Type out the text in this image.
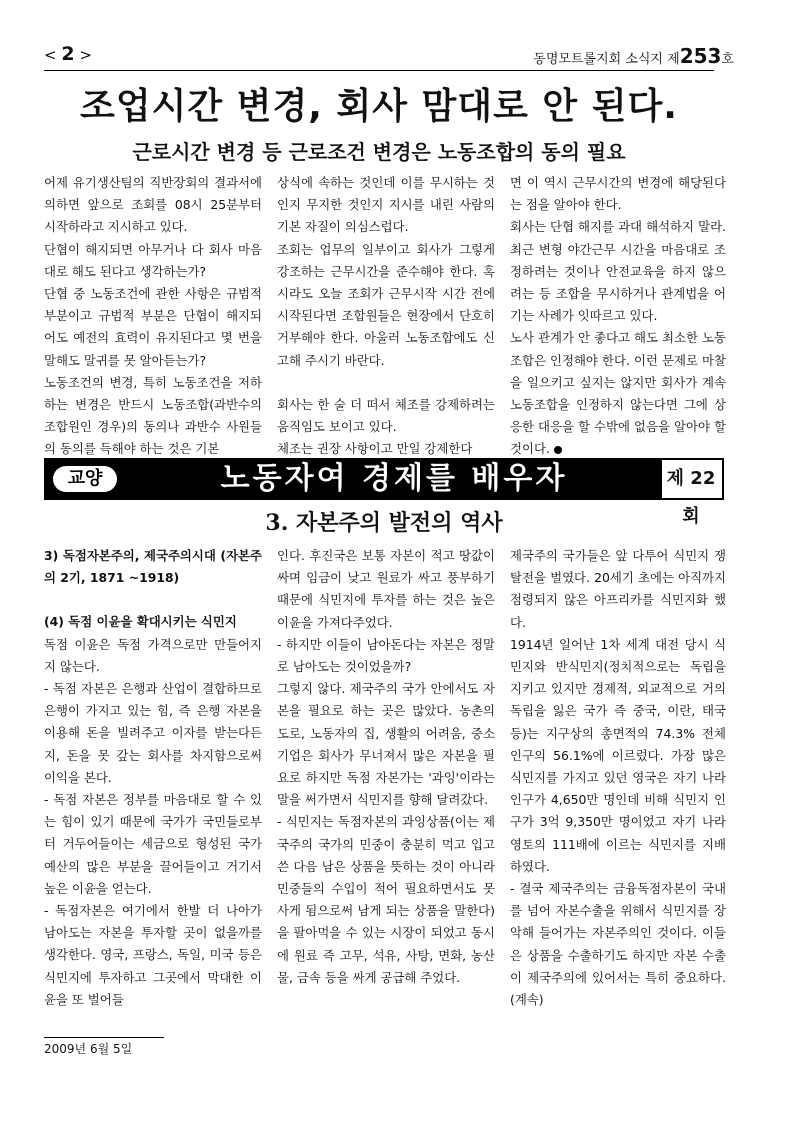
< 2 >	동명모트롤지회 소식지 제253호
조업시간 변경, 회사 맘대로 안 된다.
근로시간 변경 등 근로조건 변경은 노동조합의 동의 필요

어제 유기생산팀의 직반장회의 결과서에 의하면 앞으로 조회를 08시 25분부터 시작하라고 지시하고 있다.

단협이 해지되면 아무거나 다 회사 마음대로 해도 된다고 생각하는가?

단협 중 노동조건에 관한 사항은 규범적 부분이고 규범적 부분은 단협이 해지되어도 예전의 효력이 유지된다고 몇 번을 말해도 말귀를 못 알아듣는가?

노동조건의 변경, 특히 노동조건을 저하하는 변경은 반드시 노동조합(과반수의 조합원인 경우)의 동의나 과반수 사원들의 동의를 득해야 하는 것은 기본

상식에 속하는 것인데 이를 무시하는 것인지 무지한 것인지 지시를 내린 사람의 기본 자질이 의심스럽다.

조회는 업무의 일부이고 회사가 그렇게 강조하는 근무시간을 준수해야 한다. 혹시라도 오늘 조회가 근무시작 시간 전에 시작된다면 조합원들은 현장에서 단호히 거부해야 한다. 아울러 노동조합에도 신고해 주시기 바란다.

회사는 한 술 더 떠서 체조를 강제하려는 움직임도 보이고 있다.

체조는 권장 사항이고 만일 강제한다

면 이 역시 근무시간의 변경에 해당된다는 점을 알아야 한다.

회사는 단협 해지를 과대 해석하지 말라. 최근 변형 야간근무 시간을 마음대로 조정하려는 것이나 안전교육을 하지 않으려는 등 조합을 무시하거나 관계법을 어기는 사례가 잇따르고 있다.

노사 관계가 안 좋다고 해도 최소한 노동조합은 인정해야 한다. 이런 문제로 마찰을 일으키고 싶지는 않지만 회사가 계속 노동조합을 인정하지 않는다면 그에 상응한 대응을 할 수밖에 없음을 알아야 할 것이다.

교양	노동자여 경제를 배우자	제 22 회
3. 자본주의 발전의 역사

3) 독점자본주의, 제국주의시대 (자본주의 2기, 1871 ~1918)

(4) 독점 이윤을 확대시키는 식민지

독점 이윤은 독점 가격으로만 만들어지지 않는다.

- 독점 자본은 은행과 산업이 결합하므로 은행이 가지고 있는 힘, 즉 은행 자본을 이용해 돈을 빌려주고 이자를 받는다든지, 돈을 못 갚는 회사를 차지함으로써 이익을 본다.

- 독점 자본은 정부를 마음대로 할 수 있는 힘이 있기 때문에 국가가 국민들로부터 거두어들이는 세금으로 형성된 국가 예산의 많은 부분을 끌어들이고 거기서 높은 이윤을 얻는다.

- 독점자본은 여기에서 한발 더 나아가 남아도는 자본을 투자할 곳이 없을까를 생각한다. 영국, 프랑스, 독일, 미국 등은 식민지에 투자하고 그곳에서 막대한 이윤을 또 벌어들

인다. 후진국은 보통 자본이 적고 땅값이 싸며 임금이 낮고 원료가 싸고 풍부하기 때문에 식민지에 투자를 하는 것은 높은 이윤을 가져다주었다.

- 하지만 이들이 남아돈다는 자본은 정말로 남아도는 것이었을까?

그렇지 않다. 제국주의 국가 안에서도 자본을 필요로 하는 곳은 많았다. 농촌의 도로, 노동자의 집, 생활의 어려움, 중소기업은 회사가 무너져서 많은 자본을 필요로 하지만 독점 자본가는 '과잉'이라는 말을 써가면서 식민지를 향해 달려갔다.

- 식민지는 독점자본의 과잉상품(이는 제국주의 국가의 민중이 충분히 먹고 입고 쓴 다음 남은 상품을 뜻하는 것이 아니라 민중들의 수입이 적어 필요하면서도 못 사게 됨으로써 남게 되는 상품을 말한다)을 팔아먹을 수 있는 시장이 되었고 동시에 원료 즉 고무, 석유, 사탕, 면화, 농산물, 금속 등을 싸게 공급해 주었다.

제국주의 국가들은 앞 다투어 식민지 쟁탈전을 벌였다. 20세기 초에는 아직까지 점령되지 않은 아프리카를 식민지화 했다.

1914년 일어난 1차 세계 대전 당시 식민지와 반식민지(정치적으로는 독립을 지키고 있지만 경제적, 외교적으로 거의 독립을 잃은 국가 즉 중국, 이란, 태국 등)는 지구상의 총면적의 74.3% 전체 인구의 56.1%에 이르렀다. 가장 많은 식민지를 가지고 있던 영국은 자기 나라 인구가 4,650만 명인데 비해 식민지 인구가 3억 9,350만 명이었고 자기 나라 영토의 111배에 이르는 식민지를 지배하였다.

- 결국 제국주의는 금융독점자본이 국내를 넘어 자본수출을 위해서 식민지를 장악해 들어가는 자본주의인 것이다. 이들은 상품을 수출하기도 하지만 자본 수출이 제국주의에 있어서는 특히 중요하다. (계속)

2009년 6월 5일
